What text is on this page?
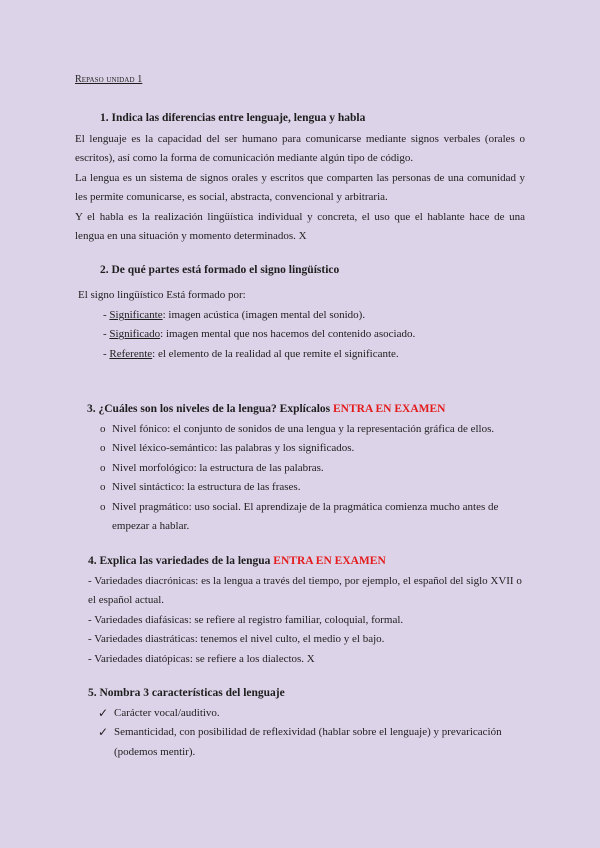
Repaso unidad 1
1. Indica las diferencias entre lenguaje, lengua y habla
El lenguaje es la capacidad del ser humano para comunicarse mediante signos verbales (orales o escritos), así como la forma de comunicación mediante algún tipo de código.
La lengua es un sistema de signos orales y escritos que comparten las personas de una comunidad y les permite comunicarse, es social, abstracta, convencional y arbitraria.
Y el habla es la realización lingüística individual y concreta, el uso que el hablante hace de una lengua en una situación y momento determinados. X
2. De qué partes está formado el signo lingüístico
El signo lingüístico Está formado por:
- Significante: imagen acústica (imagen mental del sonido).
- Significado: imagen mental que nos hacemos del contenido asociado.
- Referente: el elemento de la realidad al que remite el significante.
3. ¿Cuáles son los niveles de la lengua? Explícalos ENTRA EN EXAMEN
o Nivel fónico: el conjunto de sonidos de una lengua y la representación gráfica de ellos.
o Nivel léxico-semántico: las palabras y los significados.
o Nivel morfológico: la estructura de las palabras.
o Nivel sintáctico: la estructura de las frases.
o Nivel pragmático: uso social. El aprendizaje de la pragmática comienza mucho antes de empezar a hablar.
4. Explica las variedades de la lengua ENTRA EN EXAMEN
- Variedades diacrónicas: es la lengua a través del tiempo, por ejemplo, el español del siglo XVII o el español actual.
- Variedades diafásicas: se refiere al registro familiar, coloquial, formal.
- Variedades diastráticas: tenemos el nivel culto, el medio y el bajo.
- Variedades diatópicas: se refiere a los dialectos. X
5. Nombra 3 características del lenguaje
✓ Carácter vocal/auditivo.
✓ Semanticidad, con posibilidad de reflexividad (hablar sobre el lenguaje) y prevaricación (podemos mentir).
